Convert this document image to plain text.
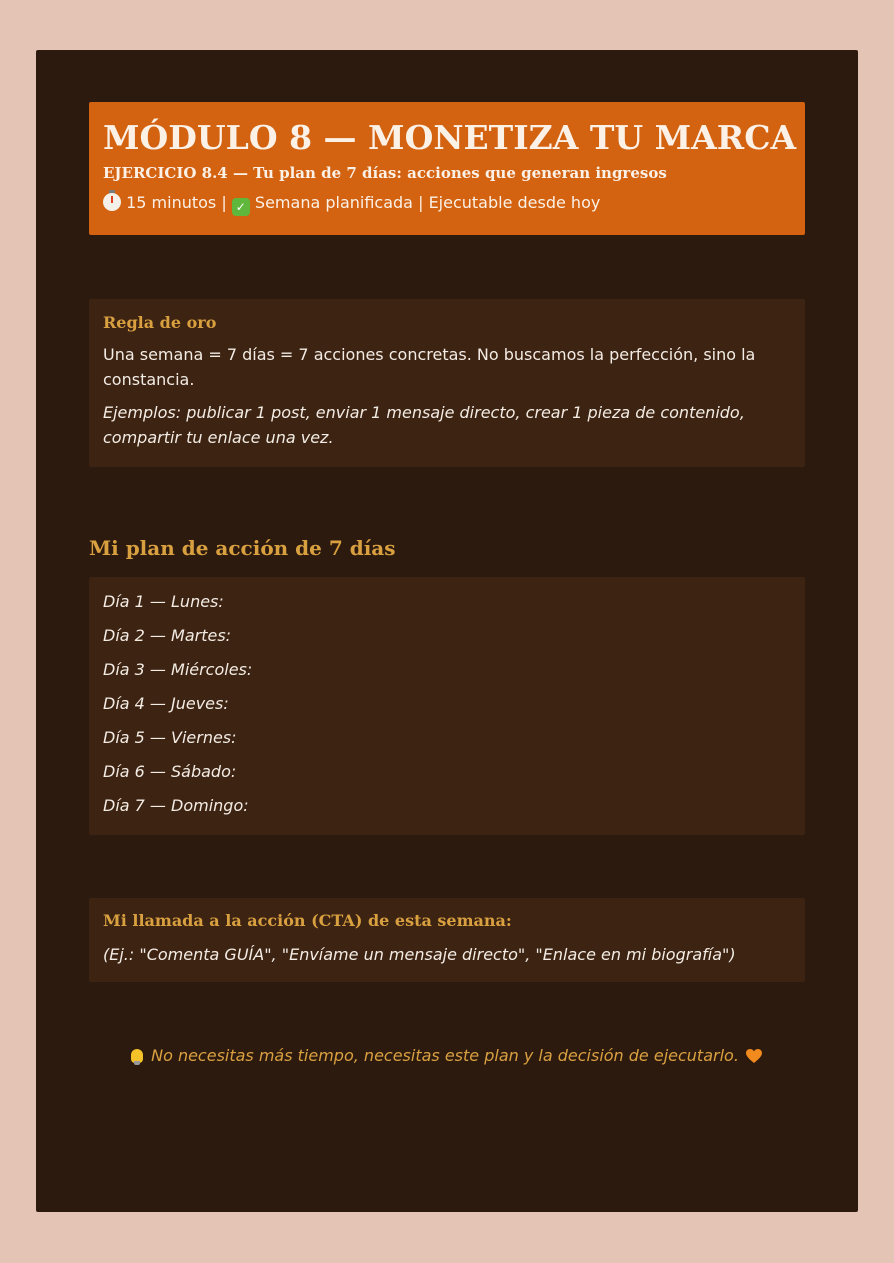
MÓDULO 8 — MONETIZA TU MARCA
EJERCICIO 8.4 — Tu plan de 7 días: acciones que generan ingresos
15 minutos | ✓ Semana planificada | Ejecutable desde hoy
Regla de oro
Una semana = 7 días = 7 acciones concretas. No buscamos la perfección, sino la constancia.
Ejemplos: publicar 1 post, enviar 1 mensaje directo, crear 1 pieza de contenido, compartir tu enlace una vez.
Mi plan de acción de 7 días
Día 1 — Lunes:
Día 2 — Martes:
Día 3 — Miércoles:
Día 4 — Jueves:
Día 5 — Viernes:
Día 6 — Sábado:
Día 7 — Domingo:
Mi llamada a la acción (CTA) de esta semana:
(Ej.: "Comenta GUÍA", "Envíame un mensaje directo", "Enlace en mi biografía")
No necesitas más tiempo, necesitas este plan y la decisión de ejecutarlo.
